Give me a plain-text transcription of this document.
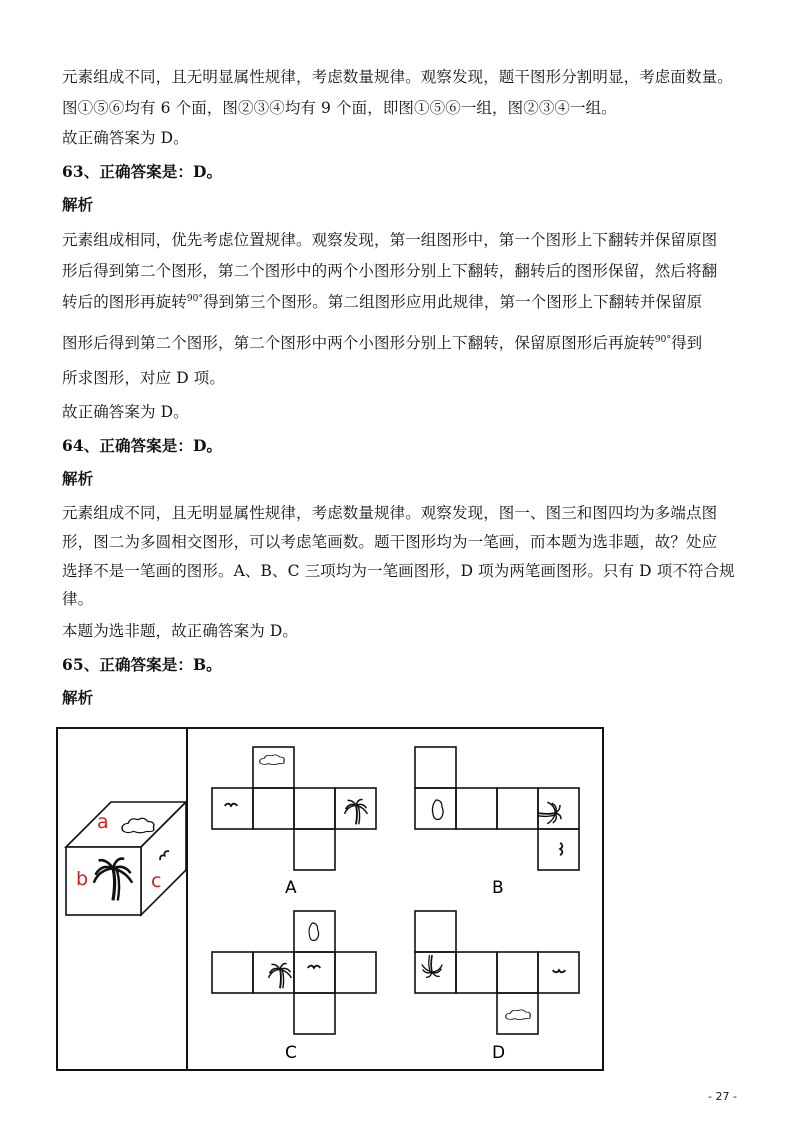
元素组成不同，且无明显属性规律，考虑数量规律。观察发现，题干图形分割明显，考虑面数量。
图①⑤⑥均有 6 个面，图②③④均有 9 个面，即图①⑤⑥一组，图②③④一组。
故正确答案为 D。
63、正确答案是：D。
解析
元素组成相同，优先考虑位置规律。观察发现，第一组图形中，第一个图形上下翻转并保留原图
形后得到第二个图形，第二个图形中的两个小图形分别上下翻转，翻转后的图形保留，然后将翻
转后的图形再旋转$^{90^\circ}$得到第三个图形。第二组图形应用此规律，第一个图形上下翻转并保留原
图形后得到第二个图形，第二个图形中两个小图形分别上下翻转，保留原图形后再旋转$^{90^\circ}$得到
所求图形，对应 D 项。
故正确答案为 D。
64、正确答案是：D。
解析
元素组成不同，且无明显属性规律，考虑数量规律。观察发现，图一、图三和图四均为多端点图
形，图二为多圆相交图形，可以考虑笔画数。题干图形均为一笔画，而本题为选非题，故？处应
选择不是一笔画的图形。A、B、C 三项均为一笔画图形，D 项为两笔画图形。只有 D 项不符合规
律。
本题为选非题，故正确答案为 D。
65、正确答案是：B。
解析
a
b	c	A	B
C	D
- 27 -
